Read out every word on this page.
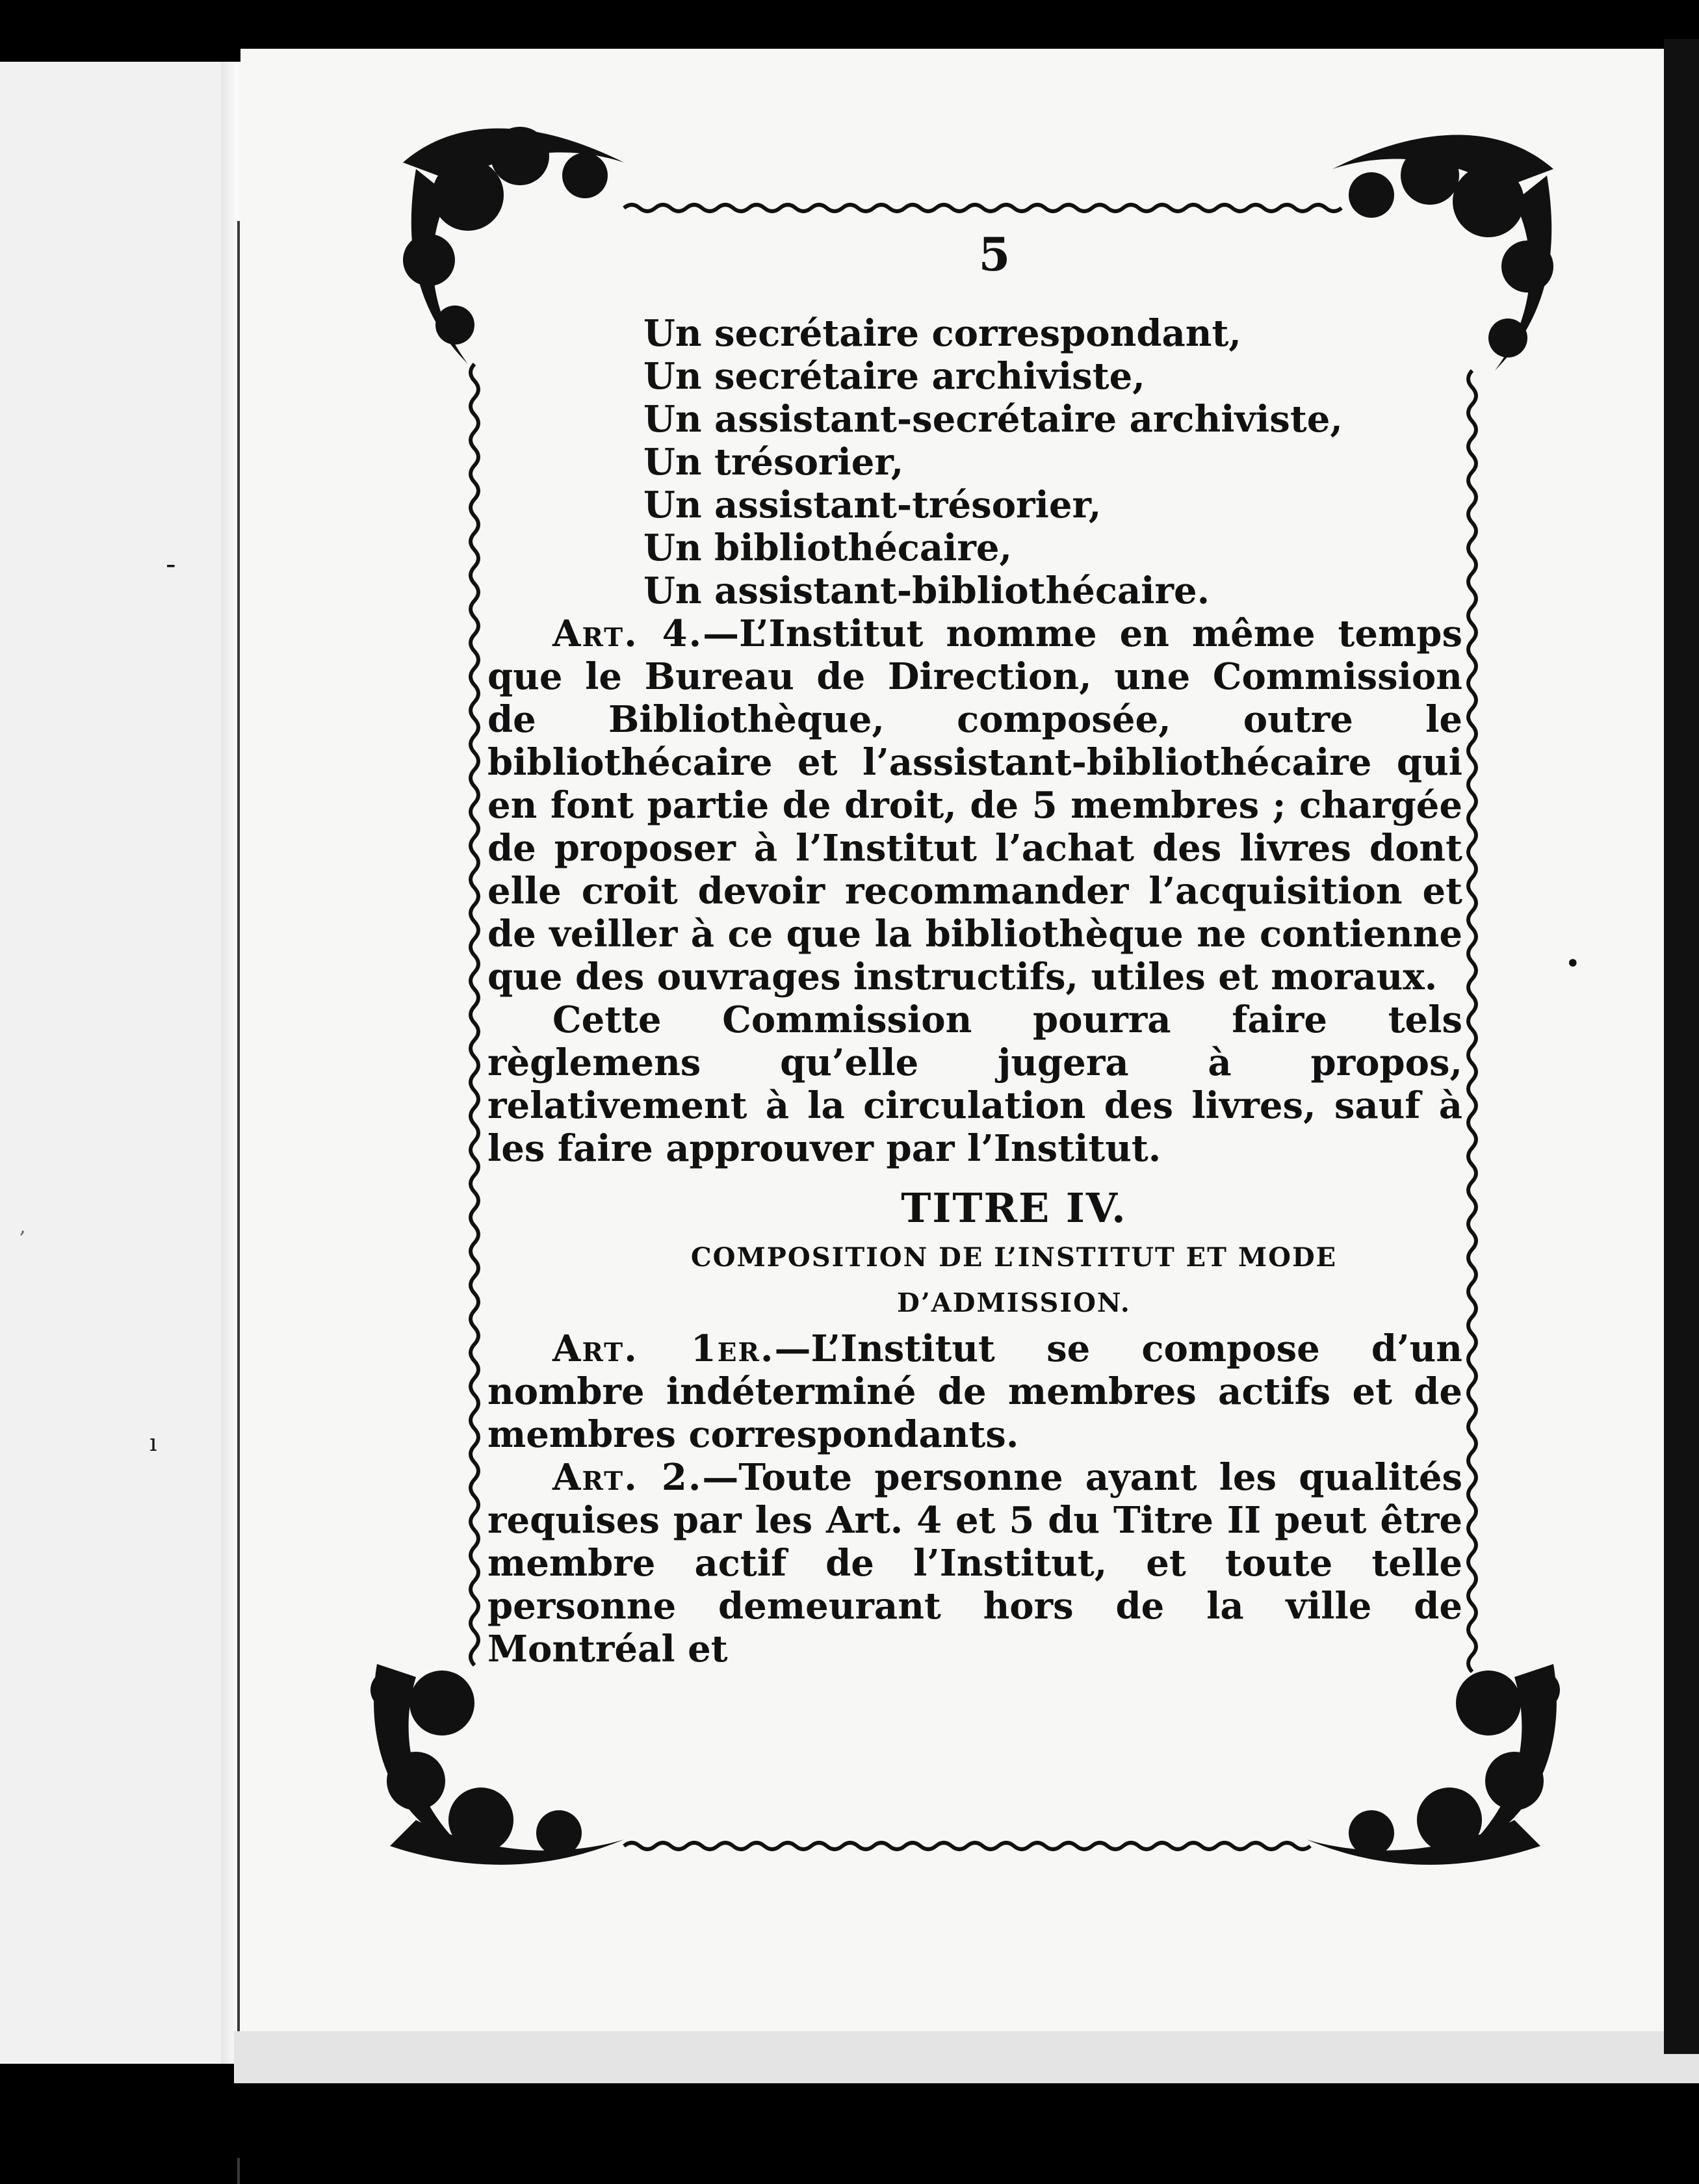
-
•
ı
,
5
Un secrétaire correspondant,
Un secrétaire archiviste,
Un assistant-secrétaire archiviste,
Un trésorier,
Un assistant-trésorier,
Un bibliothécaire,
Un assistant-bibliothécaire.

Art. 4.—L’Institut nomme en même temps que le Bureau de Direction, une Commission de Bibliothèque, composée, outre le bibliothécaire et l’assistant-bibliothécaire qui en font partie de droit, de 5 membres ; chargée de proposer à l’Institut l’achat des livres dont elle croit devoir recommander l’acquisition et de veiller à ce que la bibliothèque ne contienne que des ouvrages instructifs, utiles et moraux.

Cette Commission pourra faire tels règlemens qu’elle jugera à propos, relativement à la circulation des livres, sauf à les faire approuver par l’Institut.

TITRE IV.
COMPOSITION DE L’INSTITUT ET MODE
D’ADMISSION.

Art. 1er.—L’Institut se compose d’un nombre indéterminé de membres actifs et de membres correspondants.

Art. 2.—Toute personne ayant les qualités requises par les Art. 4 et 5 du Titre II peut être membre actif de l’Institut, et toute telle personne demeurant hors de la ville de Montréal et
